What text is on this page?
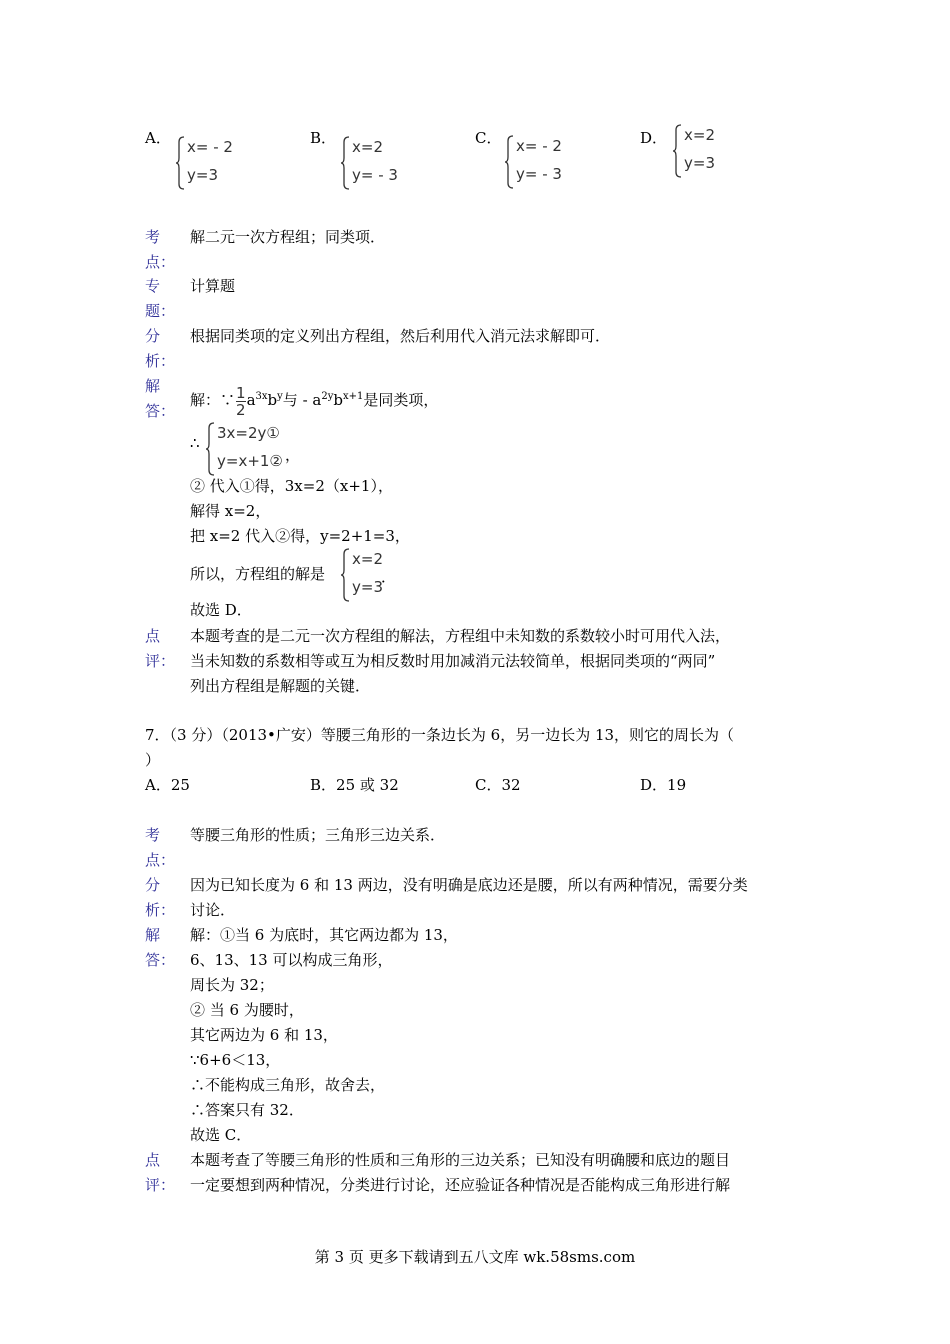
A． x= - 2
y=3
B． x=2
y= - 3
C． x= - 2
y= - 3
D． x=2
y=3
考
点：
解二元一次方程组；同类项．
专
题：
计算题
分
析：
根据同类项的定义列出方程组，然后利用代入消元法求解即可．
解
答：
解：∵ $\frac{1}{2} a^{3x}b^y$与 - $a^{2y}b^{x+1}$是同类项，
∴
3x=2y①
y=x+1② ，
② 代入①得，3x=2（x+1），
解得 x=2，
把 x=2 代入②得，y=2+1=3，
所以，方程组的解是
x=2
y=3
．
故选 D．
点
评：
本题考查的是二元一次方程组的解法，方程组中未知数的系数较小时可用代入法，
当未知数的系数相等或互为相反数时用加减消元法较简单，根据同类项的“两同”
列出方程组是解题的关键．
7．（3 分）（2013•广安）等腰三角形的一条边长为 6，另一边长为 13，则它的周长为（
）
A．25	B．25 或 32	C．32	D．19
考
点：
等腰三角形的性质；三角形三边关系．
分
析：
因为已知长度为 6 和 13 两边，没有明确是底边还是腰，所以有两种情况，需要分类
讨论．
解
答：
解：①当 6 为底时，其它两边都为 13，
6、13、13 可以构成三角形，
周长为 32；
② 当 6 为腰时，
其它两边为 6 和 13，
∵6+6＜13，
∴不能构成三角形，故舍去，
∴答案只有 32．
故选 C．
点
评：
本题考查了等腰三角形的性质和三角形的三边关系；已知没有明确腰和底边的题目
一定要想到两种情况，分类进行讨论，还应验证各种情况是否能构成三角形进行解
第 3 页 更多下载请到五八文库 wk.58sms.com
